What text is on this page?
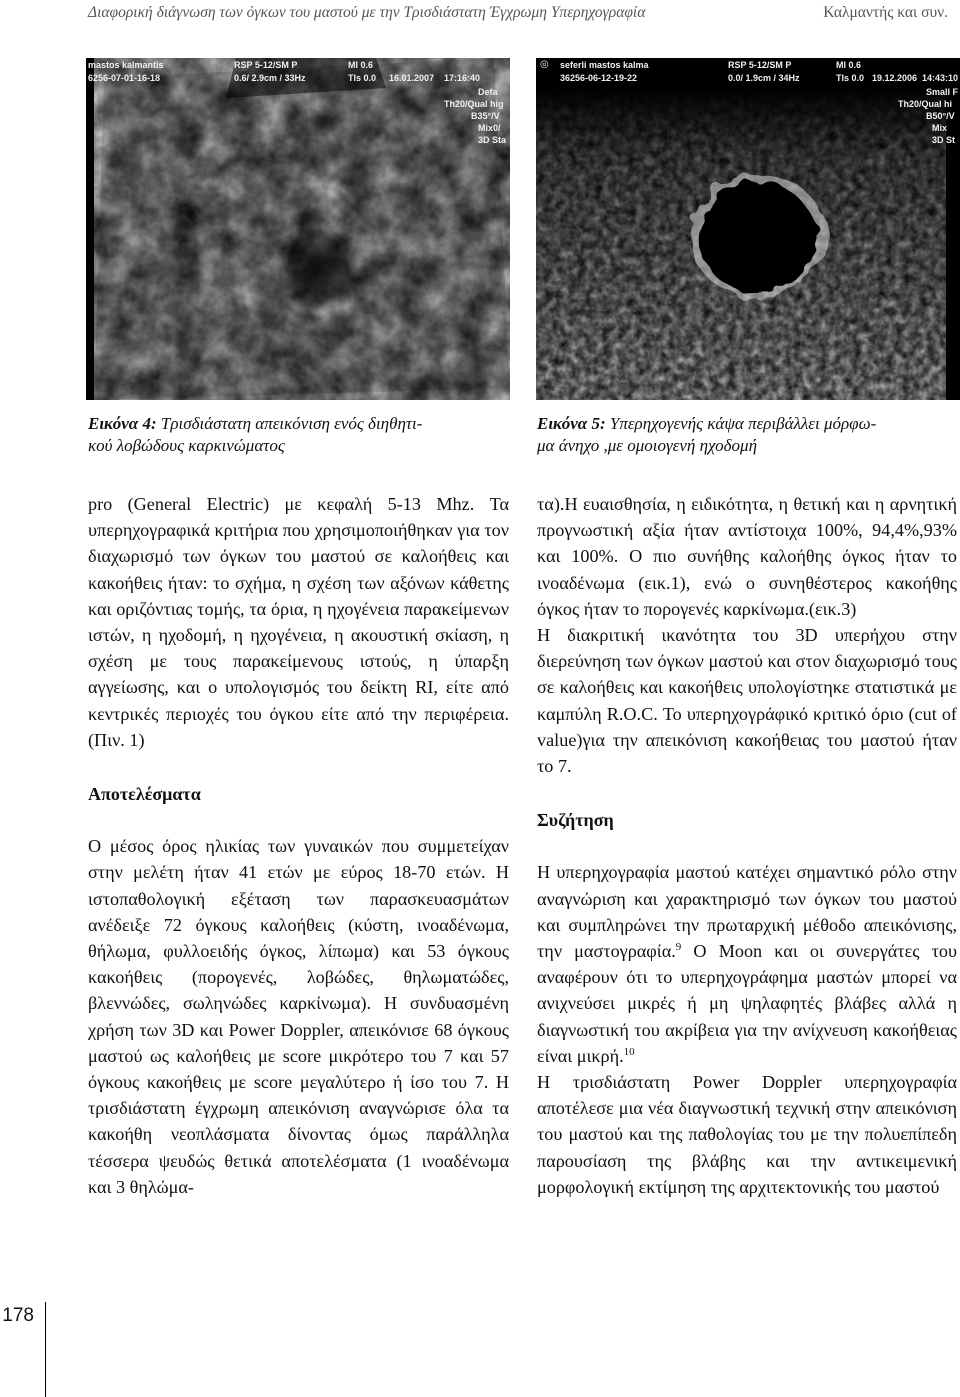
Διαφορική διάγνωση των όγκων του μαστού με την Τρισδιάστατη Έγχρωμη Υπερηχογραφία	Καλμαντής και συν.
mastos kalmantis
6256-07-01-16-18
RSP 5-12/SM P
0.6/ 2.9cm / 33Hz
MI 0.6
TIs 0.0 16.01.2007 17:16:40
Defa
Th20/Qual hig
B35°/V
Mix0/
3D Sta
◎ seferli mastos kalma
36256-06-12-19-22
RSP 5-12/SM P
0.0/ 1.9cm / 34Hz
MI 0.6
TIs 0.0 19.12.2006 14:43:10
Small F
Th20/Qual hi
B50°/V
Mix
3D St
Εικόνα 4: Τρισδιάστατη απεικόνιση ενός διηθητι-
κού λοβώδους καρκινώματος
Εικόνα 5: Υπερηχογενής κάψα περιβάλλει μόρφω-
μα άνηχο ,με ομοιογενή ηχοδομή

pro (General Electric) με κεφαλή 5-13 Mhz. Τα υπερηχογραφικά κριτήρια που χρησιμοποιήθηκαν για τον διαχωρισμό των όγκων του μαστού σε καλοήθεις και κακοήθεις ήταν: το σχήμα, η σχέση των αξόνων κάθετης και οριζόντιας τομής, τα όρια, η ηχογένεια παρακείμενων ιστών, η ηχοδομή, η ηχογένεια, η ακουστική σκίαση, η σχέση με τους παρακείμενους ιστούς, η ύπαρξη αγγείωσης, και ο υπολογισμός του δείκτη RI, είτε από κεντρικές περιοχές του όγκου είτε από την περιφέρεια.(Πιν. 1)

Αποτελέσματα

Ο μέσος όρος ηλικίας των γυναικών που συμμετείχαν στην μελέτη ήταν 41 ετών με εύρος 18-70 ετών. Η ιστοπαθολογική εξέταση των παρασκευασμάτων ανέδειξε 72 όγκους καλοήθεις (κύστη, ινοαδένωμα, θήλωμα, φυλλοειδής όγκος, λίπωμα) και 53 όγκους κακοήθεις (πορογενές, λοβώδες, θηλωματώδες, βλεννώδες, σωληνώδες καρκίνωμα). Η συνδυασμένη χρήση των 3D και Power Doppler, απεικόνισε 68 όγκους μαστού ως καλοήθεις με score μικρότερο του 7 και 57 όγκους κακοήθεις με score μεγαλύτερο ή ίσο του 7. Η τρισδιάστατη έγχρωμη απεικόνιση αναγνώρισε όλα τα κακοήθη νεοπλάσματα δίνοντας όμως παράλληλα τέσσερα ψευδώς θετικά αποτελέσματα (1 ινοαδένωμα και 3 θηλώμα-

τα).Η ευαισθησία, η ειδικότητα, η θετική και η αρνητική προγνωστική αξία ήταν αντίστοιχα 100%, 94,4%,93% και 100%. Ο πιο συνήθης καλοήθης όγκος ήταν το ινοαδένωμα (εικ.1), ενώ ο συνηθέστερος κακοήθης όγκος ήταν το πορογενές καρκίνωμα.(εικ.3)

Η διακριτική ικανότητα του 3D υπερήχου στην διερεύνηση των όγκων μαστού και στον διαχωρισμό τους σε καλοήθεις και κακοήθεις υπολογίστηκε στατιστικά με καμπύλη R.O.C. Το υπερηχογράφικό κριτικό όριο (cut of value)για την απεικόνιση κακοήθειας του μαστού ήταν το 7.

Συζήτηση

Η υπερηχογραφία μαστού κατέχει σημαντικό ρόλο στην αναγνώριση και χαρακτηρισμό των όγκων του μαστού και συμπληρώνει την πρωταρχική μέθοδο απεικόνισης, την μαστογραφία.$^9$ Ο Moon και οι συνεργάτες του αναφέρουν ότι το υπερηχογράφημα μαστών μπορεί να ανιχνεύσει μικρές ή μη ψηλαφητές βλάβες αλλά η διαγνωστική του ακρίβεια για την ανίχνευση κακοήθειας είναι μικρή.$^{10}$

Η τρισδιάστατη Power Doppler υπερηχογραφία αποτέλεσε μια νέα διαγνωστική τεχνική στην απεικόνιση του μαστού και της παθολογίας του με την πολυεπίπεδη παρουσίαση της βλάβης και την αντικειμενική μορφολογική εκτίμηση της αρχιτεκτονικής του μαστού

178
